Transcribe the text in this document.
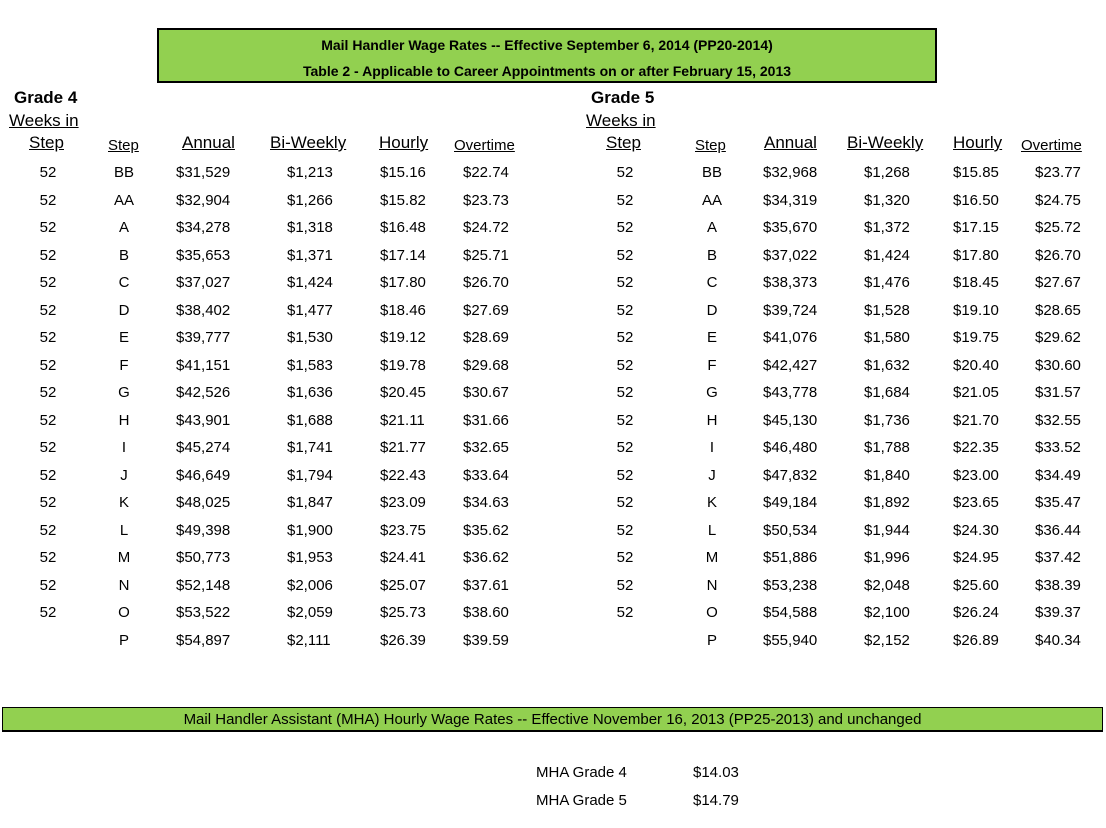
Mail Handler Wage Rates -- Effective September 6, 2014 (PP20-2014)
Table 2 - Applicable to Career Appointments on or after February 15, 2013
Grade 4
Weeks in
Step	Step	Annual Bi-Weekly Hourly Overtime
Grade 5
Weeks in
Step	Step Annual Bi-Weekly Hourly Overtime
52	BB	$31,529	$1,213	$15.16 $22.74	52	BB	$32,968	$1,268	$15.85 $23.77
52	AA	$32,904	$1,266	$15.82 $23.73	52	AA	$34,319	$1,320	$16.50 $24.75
52	A	$34,278	$1,318	$16.48 $24.72	52	A	$35,670	$1,372	$17.15 $25.72
52	B	$35,653	$1,371	$17.14 $25.71	52	B	$37,022	$1,424	$17.80 $26.70
52	C	$37,027	$1,424	$17.80 $26.70	52	C	$38,373	$1,476	$18.45 $27.67
52	D	$38,402	$1,477	$18.46 $27.69	52	D	$39,724	$1,528	$19.10 $28.65
52	E	$39,777	$1,530	$19.12 $28.69	52	E	$41,076	$1,580	$19.75 $29.62
52	F	$41,151	$1,583	$19.78 $29.68	52	F	$42,427	$1,632	$20.40 $30.60
52	G	$42,526	$1,636	$20.45 $30.67	52	G	$43,778	$1,684	$21.05 $31.57
52	H	$43,901	$1,688	$21.11	$31.66	52	H	$45,130	$1,736	$21.70 $32.55
52	I	$45,274	$1,741	$21.77 $32.65	52	I	$46,480	$1,788	$22.35 $33.52
52	J	$46,649	$1,794	$22.43 $33.64	52	J	$47,832	$1,840	$23.00 $34.49
52	K	$48,025	$1,847	$23.09 $34.63	52	K	$49,184	$1,892	$23.65 $35.47
52	L	$49,398	$1,900	$23.75 $35.62	52	L	$50,534	$1,944	$24.30 $36.44
52	M	$50,773	$1,953	$24.41 $36.62	52	M	$51,886	$1,996	$24.95 $37.42
52	N	$52,148	$2,006	$25.07 $37.61	52	N	$53,238	$2,048	$25.60 $38.39
52	O	$53,522	$2,059	$25.73 $38.60	52	O	$54,588	$2,100	$26.24 $39.37
P	$54,897	$2,111	$26.39 $39.59	P	$55,940	$2,152	$26.89 $40.34
Mail Handler Assistant (MHA) Hourly Wage Rates -- Effective November 16, 2013 (PP25-2013) and unchanged
MHA Grade 4	$14.03
MHA Grade 5	$14.79
